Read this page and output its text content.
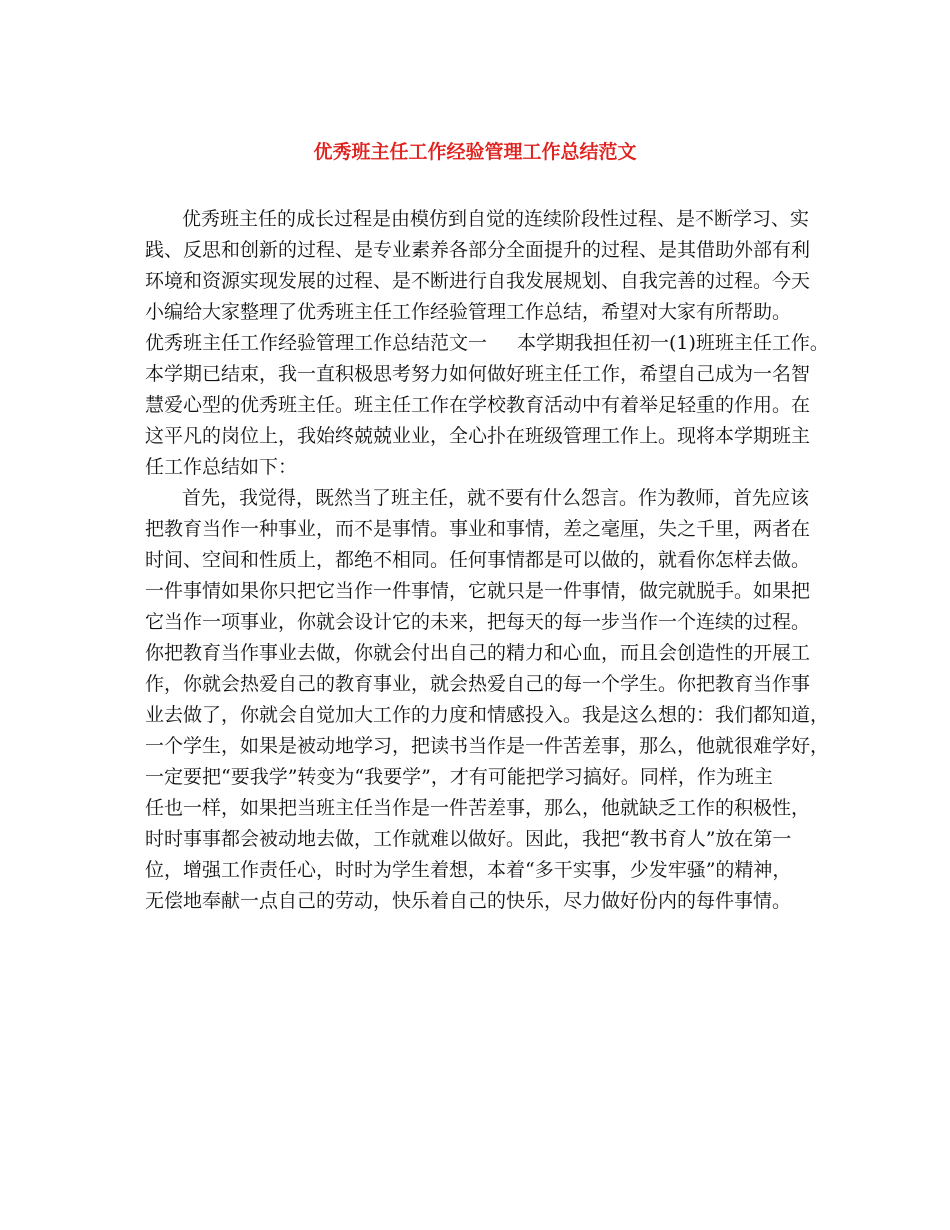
优秀班主任工作经验管理工作总结范文

优秀班主任的成长过程是由模仿到自觉的连续阶段性过程、是不断学习、实

践、反思和创新的过程、是专业素养各部分全面提升的过程、是其借助外部有利

环境和资源实现发展的过程、是不断进行自我发展规划、自我完善的过程。今天

小编给大家整理了优秀班主任工作经验管理工作总结，希望对大家有所帮助。

优秀班主任工作经验管理工作总结范文一 本学期我担任初一(1)班班主任工作。

本学期已结束，我一直积极思考努力如何做好班主任工作，希望自己成为一名智

慧爱心型的优秀班主任。班主任工作在学校教育活动中有着举足轻重的作用。在

这平凡的岗位上，我始终兢兢业业，全心扑在班级管理工作上。现将本学期班主

任工作总结如下：

首先，我觉得，既然当了班主任，就不要有什么怨言。作为教师，首先应该

把教育当作一种事业，而不是事情。事业和事情，差之毫厘，失之千里，两者在

时间、空间和性质上，都绝不相同。任何事情都是可以做的，就看你怎样去做。

一件事情如果你只把它当作一件事情，它就只是一件事情，做完就脱手。如果把

它当作一项事业，你就会设计它的未来，把每天的每一步当作一个连续的过程。

你把教育当作事业去做，你就会付出自己的精力和心血，而且会创造性的开展工

作，你就会热爱自己的教育事业，就会热爱自己的每一个学生。你把教育当作事

业去做了，你就会自觉加大工作的力度和情感投入。我是这么想的：我们都知道，

一个学生，如果是被动地学习，把读书当作是一件苦差事，那么，他就很难学好，

一定要把“要我学”转变为“我要学”，才有可能把学习搞好。同样，作为班主

任也一样，如果把当班主任当作是一件苦差事，那么，他就缺乏工作的积极性，

时时事事都会被动地去做，工作就难以做好。因此，我把“教书育人”放在第一

位，增强工作责任心，时时为学生着想，本着“多干实事，少发牢骚”的精神，

无偿地奉献一点自己的劳动，快乐着自己的快乐，尽力做好份内的每件事情。
